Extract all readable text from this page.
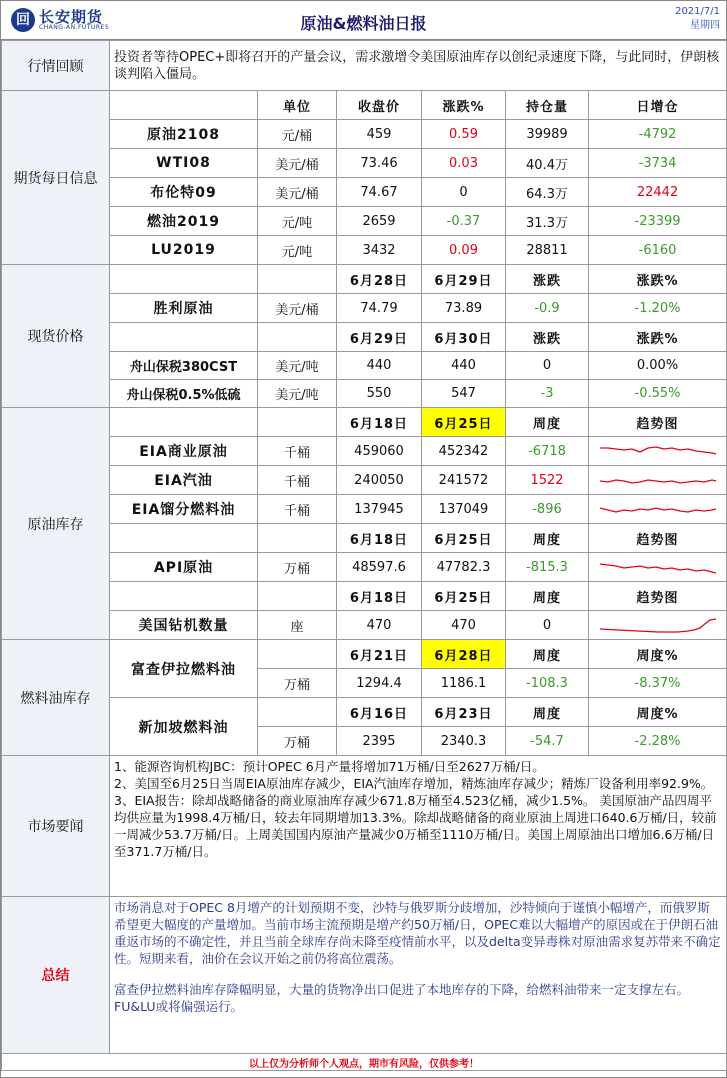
回 长安期货
CHANG-AN.FUTURES	原油&燃料油日报
2021/7/1
星期四
行情回顾	投资者等待OPEC+即将召开的产量会议，需求激增令美国原油库存以创纪录速度下降，与此同时，伊朗核谈判陷入僵局。					
期货每日信息		单位	收盘价	涨跌%	持仓量	日增仓
	原油2108	元/桶	459	0.59	39989	-4792
	WTI08	美元/桶	73.46	0.03	40.4万	-3734
	布伦特09	美元/桶	74.67	0	64.3万	22442
	燃油2019	元/吨	2659	-0.37	31.3万	-23399
	LU2019	元/吨	3432	0.09	28811	-6160
现货价格			6月28日	6月29日	涨跌	涨跌%
	胜利原油	美元/桶	74.79	73.89	-0.9	-1.20%
			6月29日	6月30日	涨跌	涨跌%
	舟山保税380CST	美元/吨	440	440	0	0.00%
	舟山保税0.5%低硫	美元/吨	550	547	-3	-0.55%
原油库存			6月18日	6月25日	周度	趋势图
	EIA商业原油	千桶	459060	452342	-6718	

	EIA汽油	千桶	240050	241572	1522	

	EIA馏分燃料油	千桶	137945	137049	-896	

			6月18日	6月25日	周度	趋势图
	API原油	万桶	48597.6	47782.3	-815.3	

			6月18日	6月25日	周度	趋势图
	美国钻机数量	座	470	470	0	

燃料油库存	富查伊拉燃料油		6月21日	6月28日	周度	周度%
		万桶	1294.4	1186.1	-108.3	-8.37%
	新加坡燃料油		6月16日	6月23日	周度	周度%
		万桶	2395	2340.3	-54.7	-2.28%
市场要闻	1、能源咨询机构JBC：预计OPEC 6月产量将增加71万桶/日至2627万桶/日。
2、美国至6月25日当周EIA原油库存减少，EIA汽油库存增加，精炼油库存减少；精炼厂设备利用率92.9%。
3、EIA报告：除却战略储备的商业原油库存减少671.8万桶至4.523亿桶，减少1.5%。 美国原油产品四周平均供应量为1998.4万桶/日，较去年同期增加13.3%。除却战略储备的商业原油上周进口640.6万桶/日，较前一周减少53.7万桶/日。上周美国国内原油产量减少0万桶至1110万桶/日。美国上周原油出口增加6.6万桶/日至371.7万桶/日。					

总结	市场消息对于OPEC 8月增产的计划预期不变，沙特与俄罗斯分歧增加，沙特倾向于谨慎小幅增产，而俄罗斯希望更大幅度的产量增加。当前市场主流预期是增产约50万桶/日，OPEC难以大幅增产的原因或在于伊朗石油重返市场的不确定性，并且当前全球库存尚未降至疫情前水平，以及delta变异毒株对原油需求复苏带来不确定性。短期来看，油价在会议开始之前仍将高位震荡。
富查伊拉燃料油库存降幅明显，大量的货物净出口促进了本地库存的下降，给燃料油带来一定支撑左右。FU&LU或将偏强运行。					

以上仅为分析师个人观点，期市有风险，仅供参考！						
